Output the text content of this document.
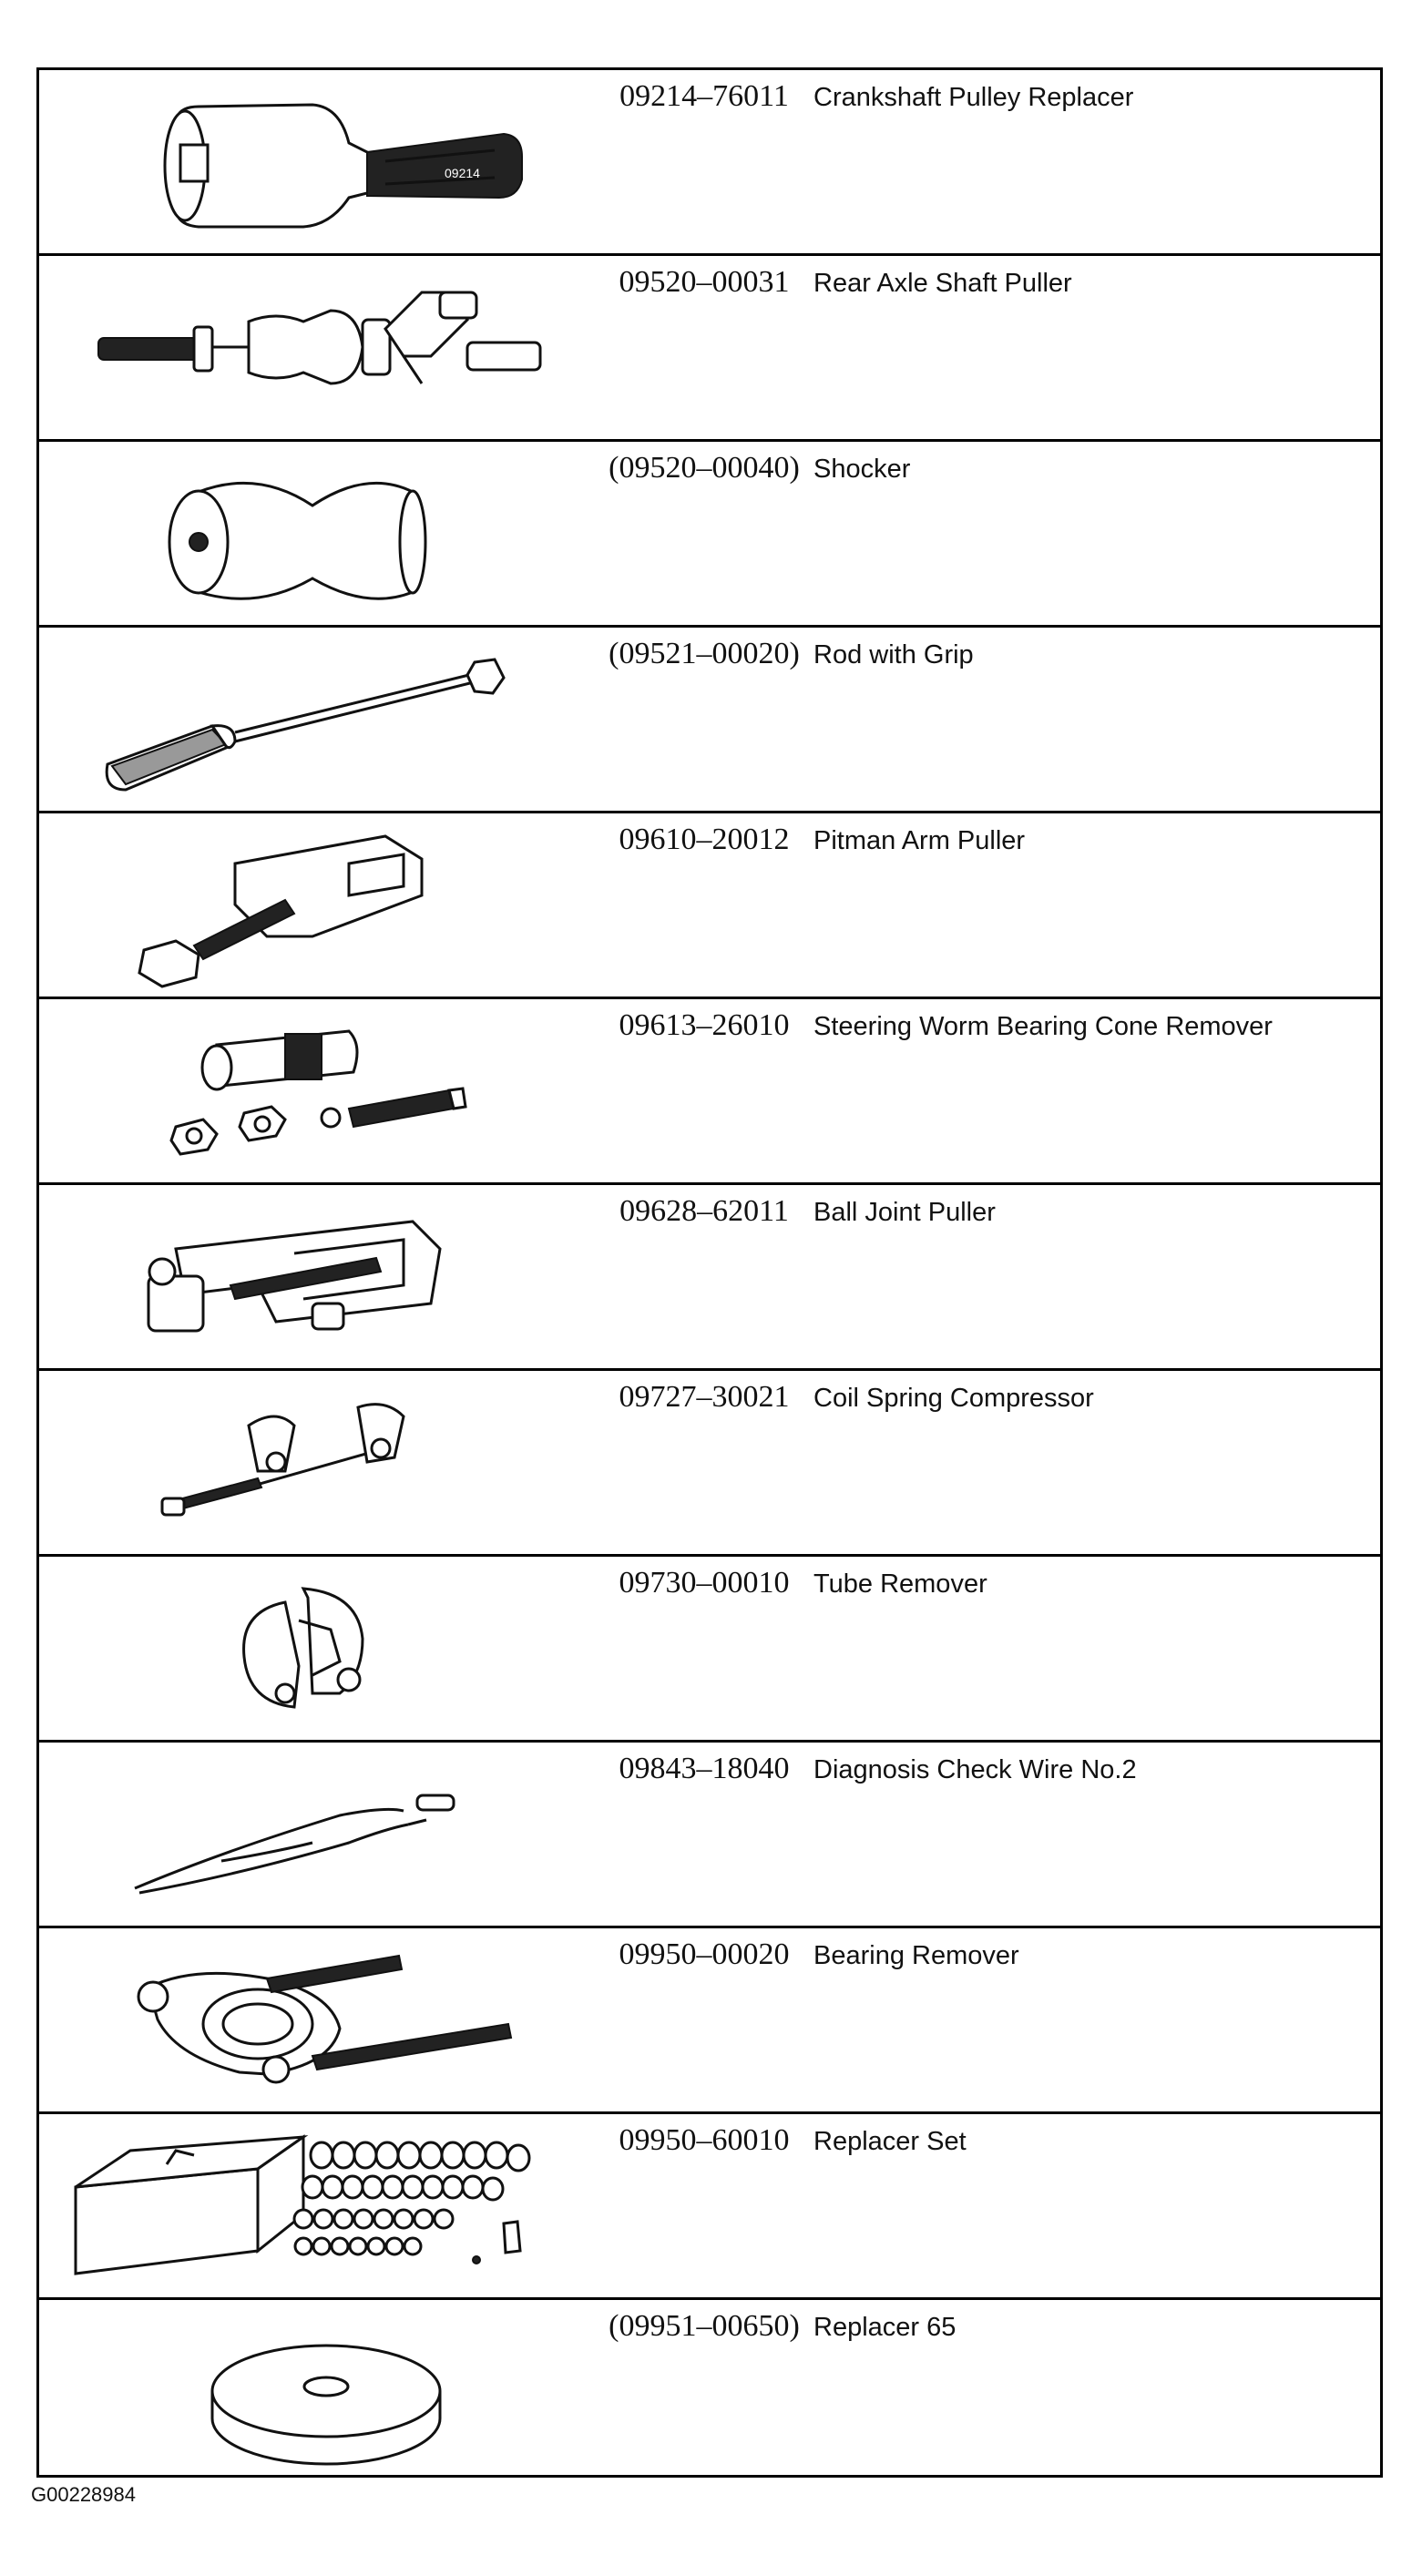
09214
09214–76011 Crankshaft Pulley Replacer
09520–00031 Rear Axle Shaft Puller
(09520–00040) Shocker
(09521–00020) Rod with Grip
09610–20012 Pitman Arm Puller
09613–26010 Steering Worm Bearing Cone Remover
09628–62011 Ball Joint Puller
09727–30021 Coil Spring Compressor
09730–00010 Tube Remover
09843–18040 Diagnosis Check Wire No.2
09950–00020 Bearing Remover
09950–60010 Replacer Set
(09951–00650) Replacer 65
G00228984
